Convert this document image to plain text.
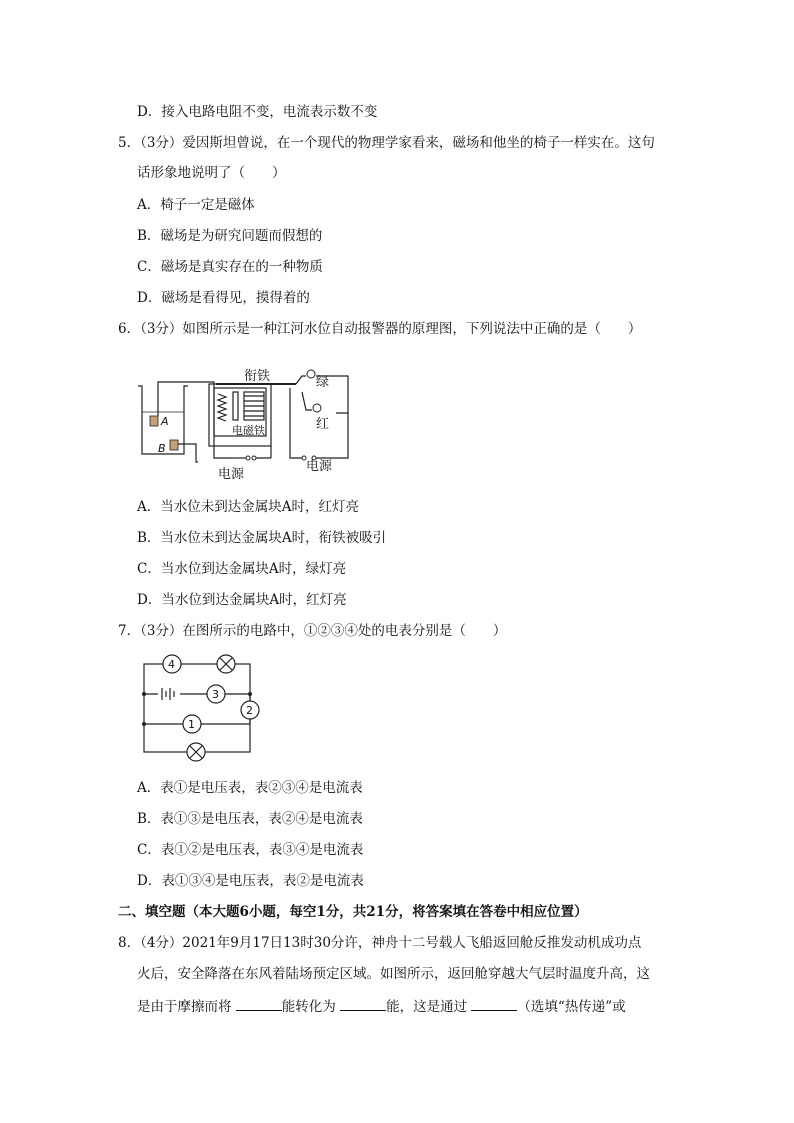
D．接入电路电阻不变，电流表示数不变
5．（3分）爱因斯坦曾说，在一个现代的物理学家看来，磁场和他坐的椅子一样实在。这句
话形象地说明了（　　）
A．椅子一定是磁体
B．磁场是为研究问题而假想的
C．磁场是真实存在的一种物质
D．磁场是看得见，摸得着的
6．（3分）如图所示是一种江河水位自动报警器的原理图，下列说法中正确的是（　　）
衔铁
电磁铁
绿
红
电源
电源
A
B
A．当水位未到达金属块A时，红灯亮
B．当水位未到达金属块A时，衔铁被吸引
C．当水位到达金属块A时，绿灯亮
D．当水位到达金属块A时，红灯亮
7．（3分）在图所示的电路中，①②③④处的电表分别是（　　）
4
3
2
1
A．表①是电压表，表②③④是电流表
B．表①③是电压表，表②④是电流表
C．表①②是电压表，表③④是电流表
D．表①③④是电压表，表②是电流表
二、填空题（本大题6小题，每空1分，共21分，将答案填在答卷中相应位置）
8．（4分）2021年9月17日13时30分许，神舟十二号载人飞船返回舱反推发动机成功点
火后，安全降落在东风着陆场预定区域。如图所示，返回舱穿越大气层时温度升高，这
是由于摩擦而将	能转化为	能，这是通过	（选填“热传递”或
